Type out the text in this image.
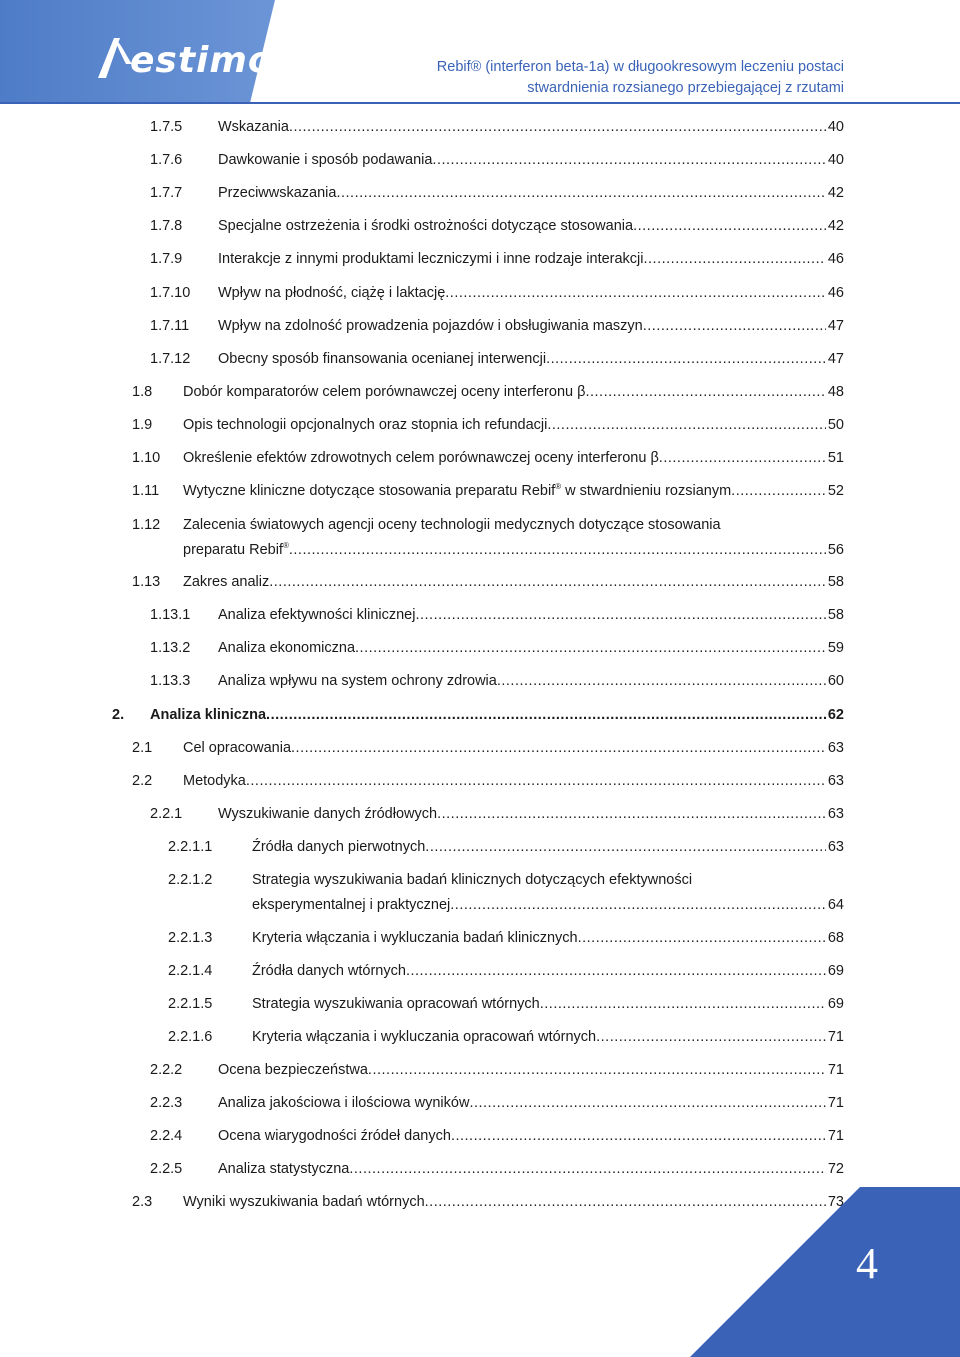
estimo	Rebif® (interferon beta-1a) w długookresowym leczeniu postaci
stwardnienia rozsianego przebiegającej z rzutami
1.7.5 Wskazania .....	40
1.7.6 Dawkowanie i sposób podawania .....	40
1.7.7 Przeciwwskazania .....	42
1.7.8 Specjalne ostrzeżenia i środki ostrożności dotyczące stosowania .....	42
1.7.9 Interakcje z innymi produktami leczniczymi i inne rodzaje interakcji .....	46
1.7.10 Wpływ na płodność, ciążę i laktację .....	46
1.7.11 Wpływ na zdolność prowadzenia pojazdów i obsługiwania maszyn .....	47
1.7.12 Obecny sposób finansowania ocenianej interwencji .....	47
1.8 Dobór komparatorów celem porównawczej oceny interferonu β .....	48
1.9 Opis technologii opcjonalnych oraz stopnia ich refundacji .....	50
1.10 Określenie efektów zdrowotnych celem porównawczej oceny interferonu β .....	51
1.11 Wytyczne kliniczne dotyczące stosowania preparatu Rebif® w stwardnieniu rozsianym .....	52
1.12 Zalecenia światowych agencji oceny technologii medycznych dotyczące stosowania
preparatu Rebif® .....	56
1.13 Zakres analiz .....	58
1.13.1 Analiza efektywności klinicznej .....	58
1.13.2 Analiza ekonomiczna .....	59
1.13.3 Analiza wpływu na system ochrony zdrowia .....	60
2. Analiza kliniczna .....	62
2.1 Cel opracowania .....	63
2.2 Metodyka .....	63
2.2.1 Wyszukiwanie danych źródłowych .....	63
2.2.1.1	Źródła danych pierwotnych .....	63
2.2.1.2	Strategia wyszukiwania badań klinicznych dotyczących efektywności
eksperymentalnej i praktycznej .....	64
2.2.1.3	Kryteria włączania i wykluczania badań klinicznych .....	68
2.2.1.4	Źródła danych wtórnych .....	69
2.2.1.5	Strategia wyszukiwania opracowań wtórnych .....	69
2.2.1.6	Kryteria włączania i wykluczania opracowań wtórnych .....	71
2.2.2 Ocena bezpieczeństwa .....	71
2.2.3 Analiza jakościowa i ilościowa wyników .....	71
2.2.4 Ocena wiarygodności źródeł danych .....	71
2.2.5 Analiza statystyczna .....	72
2.3 Wyniki wyszukiwania badań wtórnych .....	73
4
